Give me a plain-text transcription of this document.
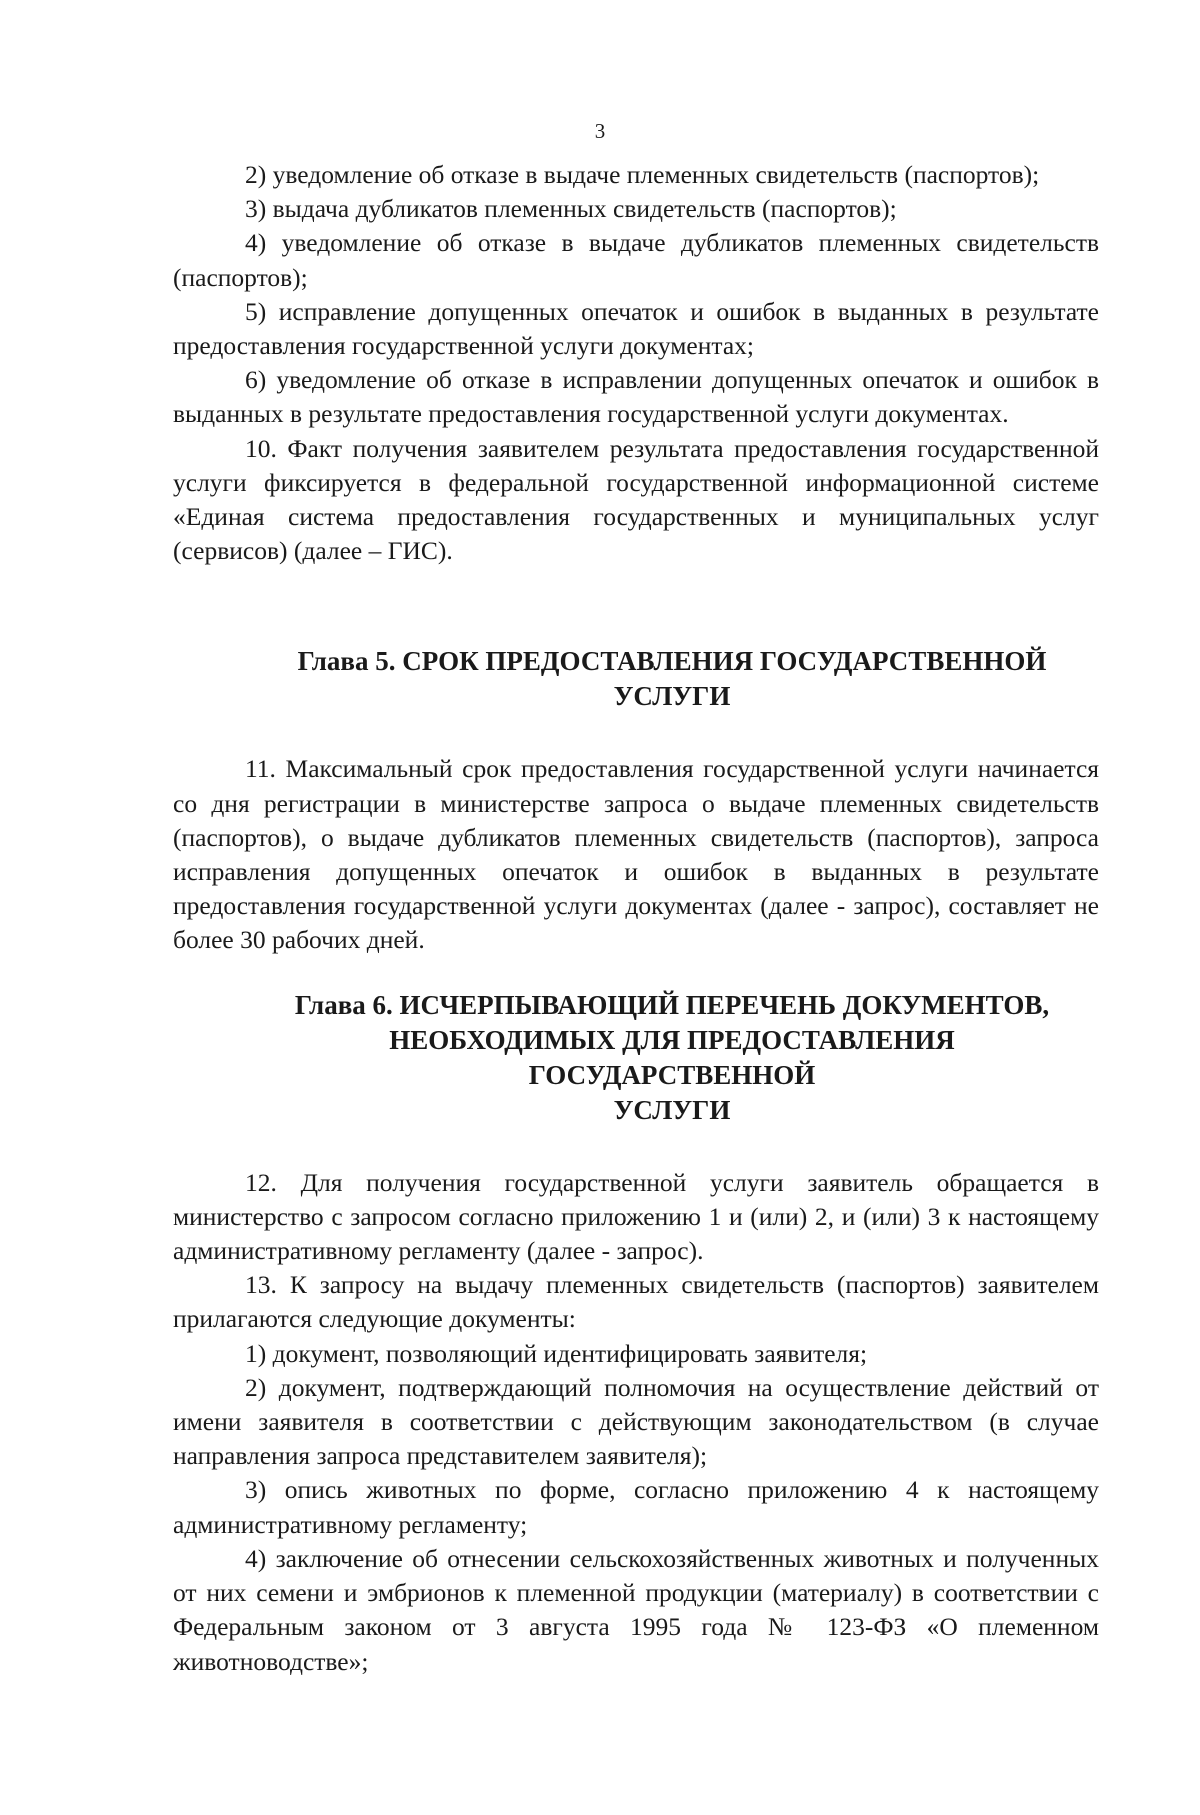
3

2) уведомление об отказе в выдаче племенных свидетельств (паспортов);

3) выдача дубликатов племенных свидетельств (паспортов);

4) уведомление об отказе в выдаче дубликатов племенных свидетельств (паспортов);

5) исправление допущенных опечаток и ошибок в выданных в результате предоставления государственной услуги документах;

6) уведомление об отказе в исправлении допущенных опечаток и ошибок в выданных в результате предоставления государственной услуги документах.

10. Факт получения заявителем результата предоставления государственной услуги фиксируется в федеральной государственной информационной системе «Единая система предоставления государственных и муниципальных услуг (сервисов) (далее – ГИС).

Глава 5. СРОК ПРЕДОСТАВЛЕНИЯ ГОСУДАРСТВЕННОЙ
УСЛУГИ

11. Максимальный срок предоставления государственной услуги начинается со дня регистрации в министерстве запроса о выдаче племенных свидетельств (паспортов), о выдаче дубликатов племенных свидетельств (паспортов), запроса исправления допущенных опечаток и ошибок в выданных в результате предоставления государственной услуги документах (далее - запрос), составляет не более 30 рабочих дней.

Глава 6. ИСЧЕРПЫВАЮЩИЙ ПЕРЕЧЕНЬ ДОКУМЕНТОВ,
НЕОБХОДИМЫХ ДЛЯ ПРЕДОСТАВЛЕНИЯ ГОСУДАРСТВЕННОЙ
УСЛУГИ

12. Для получения государственной услуги заявитель обращается в министерство с запросом согласно приложению 1 и (или) 2, и (или) 3 к настоящему административному регламенту (далее - запрос).

13. К запросу на выдачу племенных свидетельств (паспортов) заявителем прилагаются следующие документы:

1) документ, позволяющий идентифицировать заявителя;

2) документ, подтверждающий полномочия на осуществление действий от имени заявителя в соответствии с действующим законодательством (в случае направления запроса представителем заявителя);

3) опись животных по форме, согласно приложению 4 к настоящему административному регламенту;

4) заключение об отнесении сельскохозяйственных животных и полученных от них семени и эмбрионов к племенной продукции (материалу) в соответствии с Федеральным законом от 3 августа 1995 года № 123-ФЗ «О племенном животноводстве»;
